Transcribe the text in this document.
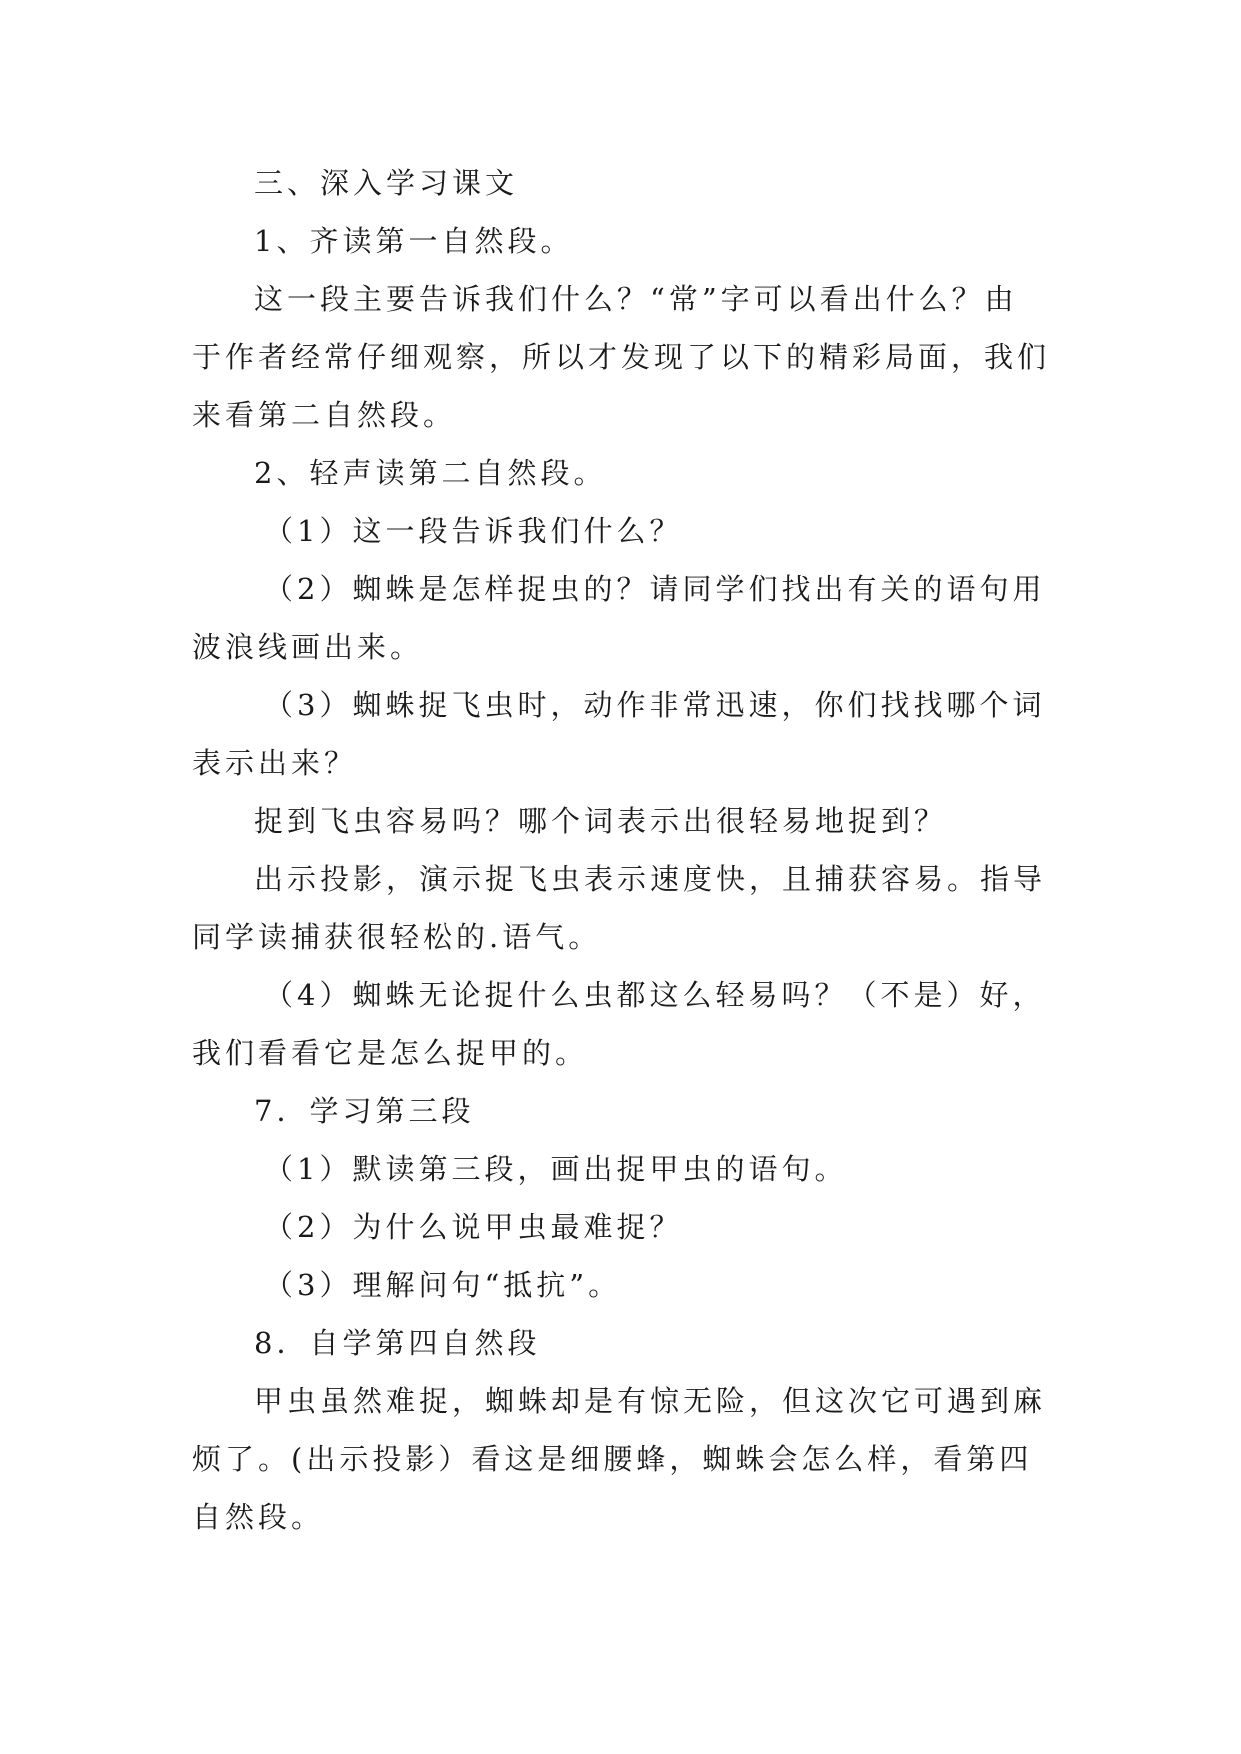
三、深入学习课文
1、齐读第一自然段。
这一段主要告诉我们什么？“常”字可以看出什么？由
于作者经常仔细观察，所以才发现了以下的精彩局面，我们
来看第二自然段。
2、轻声读第二自然段。
（1）这一段告诉我们什么？
（2）蜘蛛是怎样捉虫的？请同学们找出有关的语句用
波浪线画出来。
（3）蜘蛛捉飞虫时，动作非常迅速，你们找找哪个词
表示出来？
捉到飞虫容易吗？哪个词表示出很轻易地捉到？
出示投影，演示捉飞虫表示速度快，且捕获容易。指导
同学读捕获很轻松的.语气。
（4）蜘蛛无论捉什么虫都这么轻易吗？（不是）好，
我们看看它是怎么捉甲的。
7．学习第三段
（1）默读第三段，画出捉甲虫的语句。
（2）为什么说甲虫最难捉？
（3）理解问句“抵抗”。
8．自学第四自然段
甲虫虽然难捉，蜘蛛却是有惊无险，但这次它可遇到麻
烦了。(出示投影）看这是细腰蜂，蜘蛛会怎么样，看第四
自然段。
